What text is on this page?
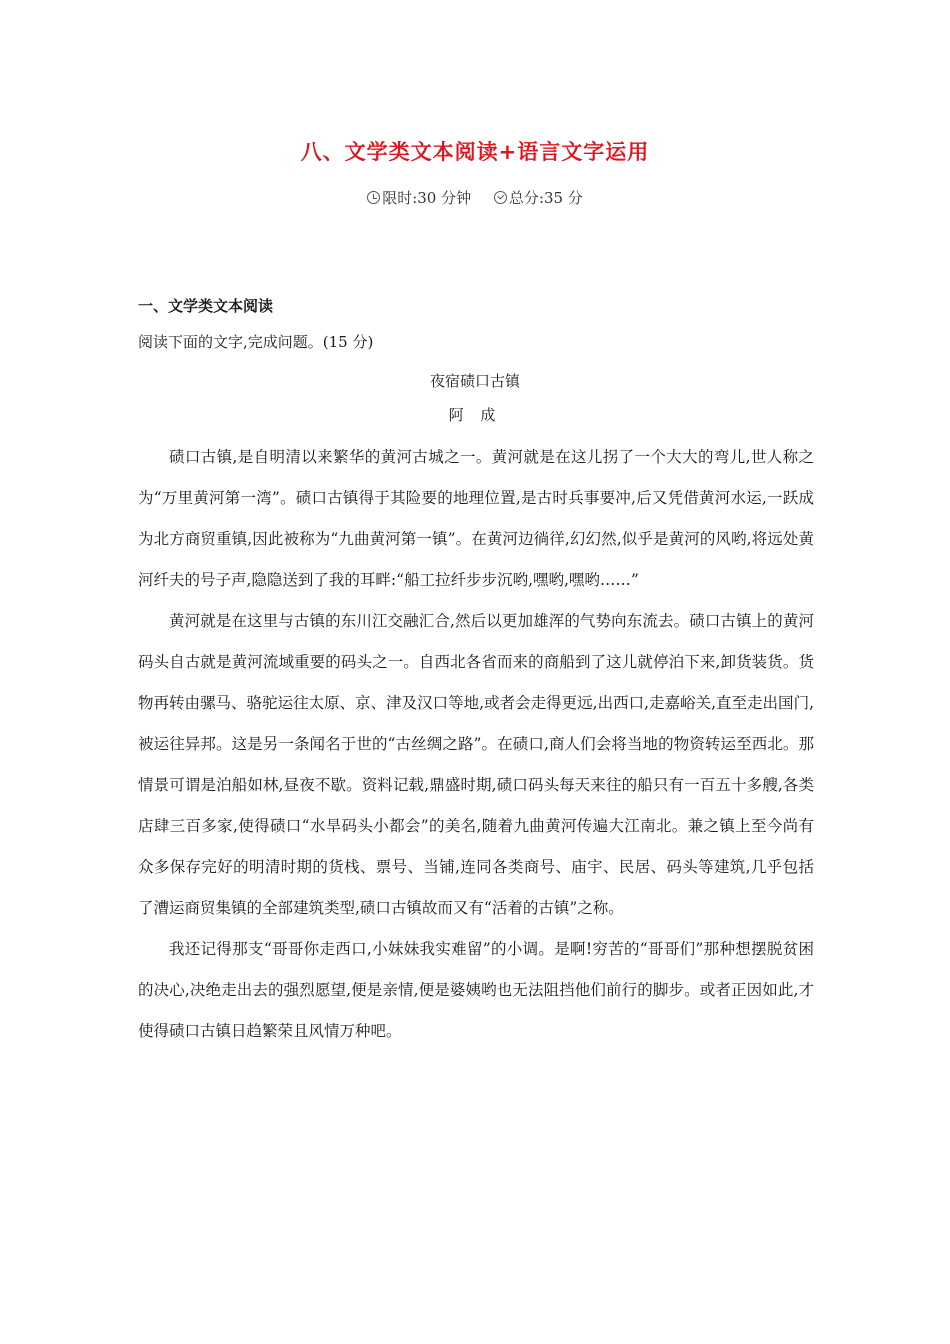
八、文学类文本阅读+语言文字运用
限时:30 分钟	总分:35 分
一、文学类文本阅读
阅读下面的文字,完成问题。(15 分)
夜宿碛口古镇
阿 成

碛口古镇,是自明清以来繁华的黄河古城之一。黄河就是在这儿拐了一个大大的弯儿,世人称之为“万里黄河第一湾”。碛口古镇得于其险要的地理位置,是古时兵事要冲,后又凭借黄河水运,一跃成为北方商贸重镇,因此被称为“九曲黄河第一镇”。在黄河边徜徉,幻幻然,似乎是黄河的风哟,将远处黄河纤夫的号子声,隐隐送到了我的耳畔:“船工拉纤步步沉哟,嘿哟,嘿哟……”

黄河就是在这里与古镇的东川江交融汇合,然后以更加雄浑的气势向东流去。碛口古镇上的黄河码头自古就是黄河流域重要的码头之一。自西北各省而来的商船到了这儿就停泊下来,卸货装货。货物再转由骡马、骆驼运往太原、京、津及汉口等地,或者会走得更远,出西口,走嘉峪关,直至走出国门,被运往异邦。这是另一条闻名于世的“古丝绸之路”。在碛口,商人们会将当地的物资转运至西北。那情景可谓是泊船如林,昼夜不歇。资料记载,鼎盛时期,碛口码头每天来往的船只有一百五十多艘,各类店肆三百多家,使得碛口“水旱码头小都会”的美名,随着九曲黄河传遍大江南北。兼之镇上至今尚有众多保存完好的明清时期的货栈、票号、当铺,连同各类商号、庙宇、民居、码头等建筑,几乎包括了漕运商贸集镇的全部建筑类型,碛口古镇故而又有“活着的古镇”之称。

我还记得那支“哥哥你走西口,小妹妹我实难留”的小调。是啊!穷苦的“哥哥们”那种想摆脱贫困的决心,决绝走出去的强烈愿望,便是亲情,便是婆姨哟也无法阻挡他们前行的脚步。或者正因如此,才使得碛口古镇日趋繁荣且风情万种吧。
